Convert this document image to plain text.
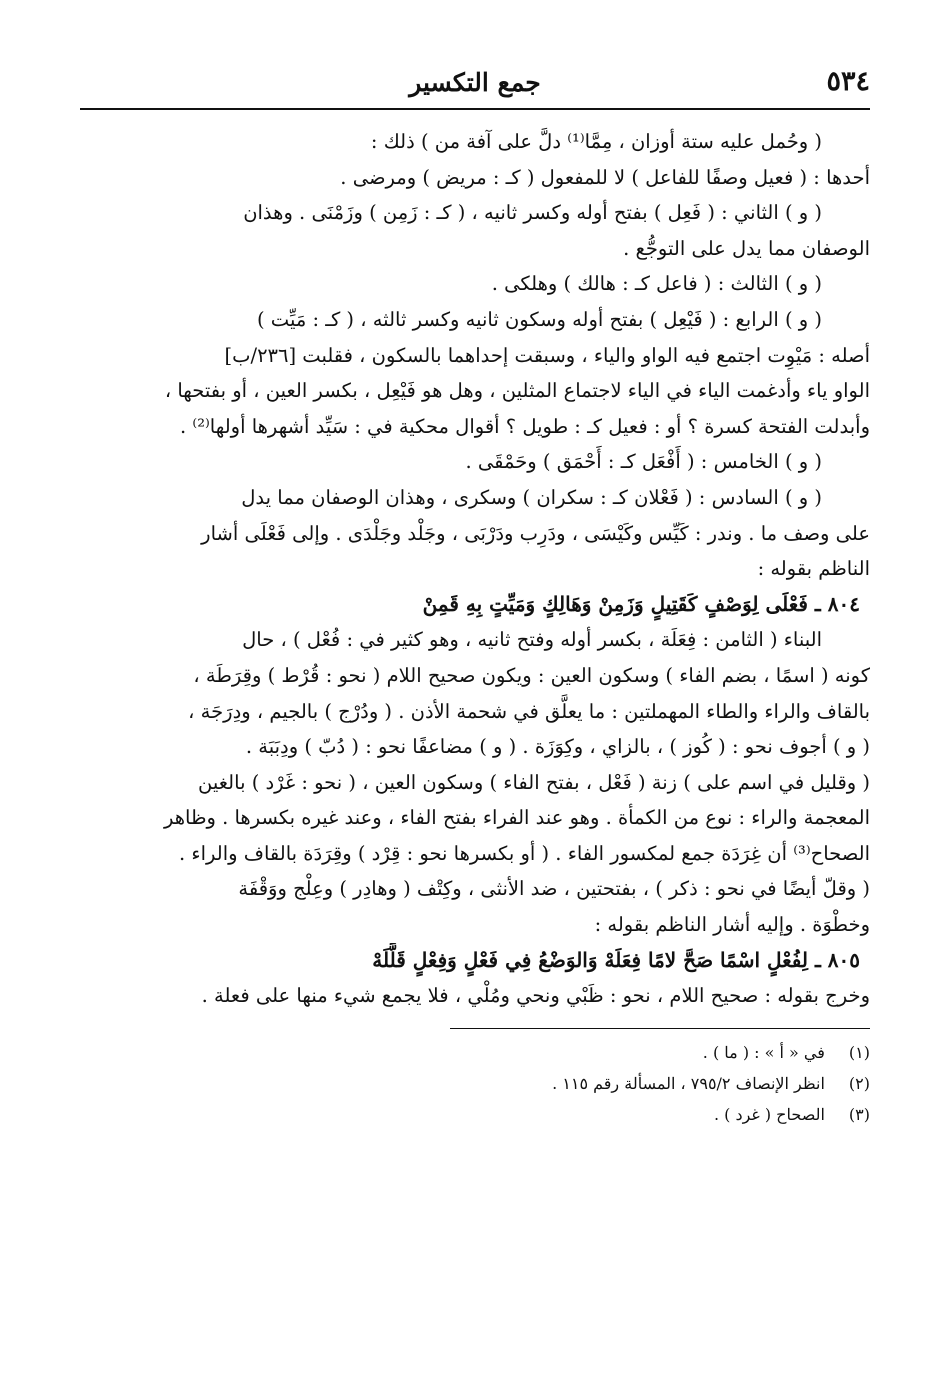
٥٣٤
جمع التكسير
( وحُمل عليه ستة أوزان ، مِمَّا⁽¹⁾ دلَّ على آفة من ) ذلك :
أحدها : ( فعيل وصفًا للفاعل ) لا للمفعول ( كـ : مريض ) ومرضى .
( و ) الثاني : ( فَعِل ) بفتح أوله وكسر ثانيه ، ( كـ : زَمِن ) وزَمْنَى . وهذان
الوصفان مما يدل على التوجُّع .
( و ) الثالث : ( فاعل كـ : هالك ) وهلكى .
( و ) الرابع : ( فَيْعِل ) بفتح أوله وسكون ثانيه وكسر ثالثه ، ( كـ : مَيِّت )
أصله : مَيْوِت اجتمع فيه الواو والياء ، وسبقت إحداهما بالسكون ، فقلبت [٢٣٦/ب]
الواو ياء وأدغمت الياء في الياء لاجتماع المثلين ، وهل هو فَيْعِل ، بكسر العين ، أو بفتحها ،
وأبدلت الفتحة كسرة ؟ أو : فعيل كـ : طويل ؟ أقوال محكية في : سَيِّد أشهرها أولها⁽²⁾ .
( و ) الخامس : ( أَفْعَل كـ : أَحْمَق ) وحَمْقَى .
( و ) السادس : ( فَعْلان كـ : سكران ) وسكرى ، وهذان الوصفان مما يدل
على وصف ما . وندر : كَيِّس وكَيْسَى ، ودَرِب ودَرْبَى ، وجَلْد وجَلْدَى . وإلى فَعْلَى أشار
الناظم بقوله :
٨٠٤ ـ فَعْلَى لِوَصْفٍ كَقَتِيلٍ وَزَمِنْ وَهَالِكٍ وَمَيِّتٍ بِهِ قَمِنْ
البناء ( الثامن : فِعَلَة ، بكسر أوله وفتح ثانيه ، وهو كثير في : فُعْل ) ، حال
كونه ( اسمًا ، بضم الفاء ) وسكون العين : ويكون صحيح اللام ( نحو : قُرْط ) وقِرَطَة ،
بالقاف والراء والطاء المهملتين : ما يعلَّق في شحمة الأذن . ( ودُرْج ) بالجيم ، ودِرَجَة ،
( و ) أجوف نحو : ( كُوز ) ، بالزاي ، وكِوَزَة . ( و ) مضاعفًا نحو : ( دُبّ ) ودِبَبَة .
( وقليل في اسم على ) زنة ( فَعْل ، بفتح الفاء ) وسكون العين ، ( نحو : غَرْد ) بالغين
المعجمة والراء : نوع من الكمأة . وهو عند الفراء بفتح الفاء ، وعند غيره بكسرها . وظاهر
الصحاح⁽³⁾ أن غِرَدَة جمع لمكسور الفاء . ( أو بكسرها نحو : قِرْد ) وقِرَدَة بالقاف والراء .
( وقلّ أيضًا في نحو : ذكر ) ، بفتحتين ، ضد الأنثى ، وكِتْف ( وهادِر ) وعِلْج ووَقْفَة
وخطْوَة . وإليه أشار الناظم بقوله :
٨٠٥ ـ لِفُعْلٍ اسْمًا صَحَّ لامًا فِعَلَهْ وَالوَضْعُ فِي فَعْلٍ وَفِعْلٍ قَلَّلَهْ
وخرج بقوله : صحيح اللام ، نحو : ظَبْي ونحي ومُلْي ، فلا يجمع شيء منها على فعلة .
(١) في « أ » : ( ما ) .
(٢) انظر الإنصاف ٧٩٥/٢ ، المسألة رقم ١١٥ .
(٣) الصحاح ( غرد ) .
